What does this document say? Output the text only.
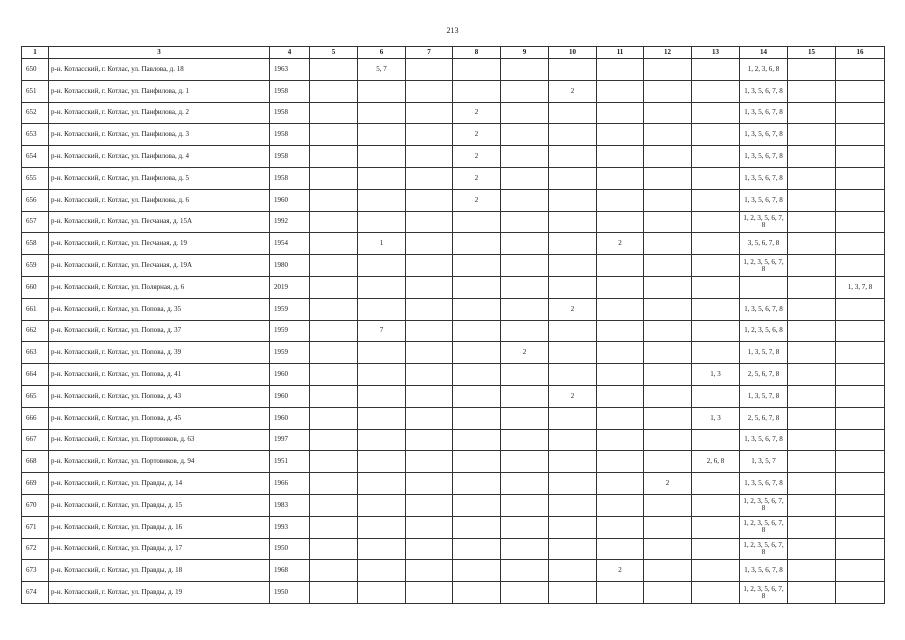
213
1	3	4	5	6	7	8	9	10	11	12	13	14	15	16
650	р-н. Котласский, г. Котлас, ул. Павлова, д. 18	1963		5, 7								1, 2, 3, 6, 8		
651	р-н. Котласский, г. Котлас, ул. Панфилова, д. 1	1958						2				1, 3, 5, 6, 7, 8		
652	р-н. Котласский, г. Котлас, ул. Панфилова, д. 2	1958				2						1, 3, 5, 6, 7, 8		
653	р-н. Котласский, г. Котлас, ул. Панфилова, д. 3	1958				2						1, 3, 5, 6, 7, 8		
654	р-н. Котласский, г. Котлас, ул. Панфилова, д. 4	1958				2						1, 3, 5, 6, 7, 8		
655	р-н. Котласский, г. Котлас, ул. Панфилова, д. 5	1958				2						1, 3, 5, 6, 7, 8		
656	р-н. Котласский, г. Котлас, ул. Панфилова, д. 6	1960				2						1, 3, 5, 6, 7, 8		
657	р-н. Котласский, г. Котлас, ул. Песчаная, д. 15А	1992										1, 2, 3, 5, 6, 7, 8		
658	р-н. Котласский, г. Котлас, ул. Песчаная, д. 19	1954		1					2			3, 5, 6, 7, 8		
659	р-н. Котласский, г. Котлас, ул. Песчаная, д. 19А	1980										1, 2, 3, 5, 6, 7, 8		
660	р-н. Котласский, г. Котлас, ул. Полярная, д. 6	2019												1, 3, 7, 8
661	р-н. Котласский, г. Котлас, ул. Попова, д. 35	1959						2				1, 3, 5, 6, 7, 8		
662	р-н. Котласский, г. Котлас, ул. Попова, д. 37	1959		7								1, 2, 3, 5, 6, 8		
663	р-н. Котласский, г. Котлас, ул. Попова, д. 39	1959					2					1, 3, 5, 7, 8		
664	р-н. Котласский, г. Котлас, ул. Попова, д. 41	1960									1, 3	2, 5, 6, 7, 8		
665	р-н. Котласский, г. Котлас, ул. Попова, д. 43	1960						2				1, 3, 5, 7, 8		
666	р-н. Котласский, г. Котлас, ул. Попова, д. 45	1960									1, 3	2, 5, 6, 7, 8		
667	р-н. Котласский, г. Котлас, ул. Портовиков, д. 63	1997										1, 3, 5, 6, 7, 8		
668	р-н. Котласский, г. Котлас, ул. Портовиков, д. 94	1951									2, 6, 8	1, 3, 5, 7		
669	р-н. Котласский, г. Котлас, ул. Правды, д. 14	1966								2		1, 3, 5, 6, 7, 8		
670	р-н. Котласский, г. Котлас, ул. Правды, д. 15	1983										1, 2, 3, 5, 6, 7, 8		
671	р-н. Котласский, г. Котлас, ул. Правды, д. 16	1993										1, 2, 3, 5, 6, 7, 8		
672	р-н. Котласский, г. Котлас, ул. Правды, д. 17	1950										1, 2, 3, 5, 6, 7, 8		
673	р-н. Котласский, г. Котлас, ул. Правды, д. 18	1968							2			1, 3, 5, 6, 7, 8		
674	р-н. Котласский, г. Котлас, ул. Правды, д. 19	1950										1, 2, 3, 5, 6, 7, 8		
